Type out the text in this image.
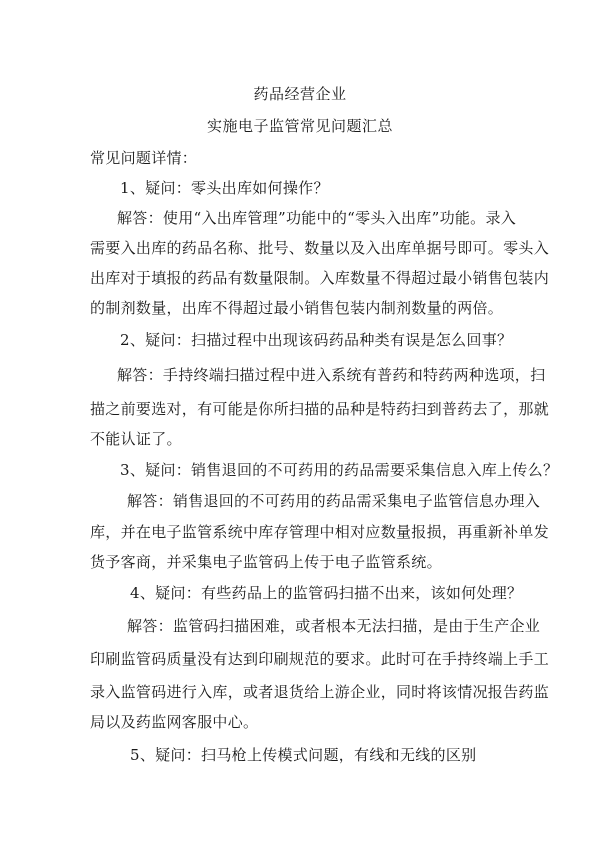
药品经营企业
实施电子监管常见问题汇总
常见问题详情：
1、疑问：零头出库如何操作？
解答：使用“入出库管理”功能中的“零头入出库”功能。录入
需要入出库的药品名称、批号、数量以及入出库单据号即可。零头入
出库对于填报的药品有数量限制。入库数量不得超过最小销售包装内
的制剂数量，出库不得超过最小销售包装内制剂数量的两倍。
2、疑问：扫描过程中出现该码药品种类有误是怎么回事？
解答：手持终端扫描过程中进入系统有普药和特药两种选项，扫
描之前要选对，有可能是你所扫描的品种是特药扫到普药去了，那就
不能认证了。
3、疑问：销售退回的不可药用的药品需要采集信息入库上传么？
解答：销售退回的不可药用的药品需采集电子监管信息办理入
库，并在电子监管系统中库存管理中相对应数量报损，再重新补单发
货予客商，并采集电子监管码上传于电子监管系统。
4、疑问：有些药品上的监管码扫描不出来，该如何处理？
解答：监管码扫描困难，或者根本无法扫描，是由于生产企业
印刷监管码质量没有达到印刷规范的要求。此时可在手持终端上手工
录入监管码进行入库，或者退货给上游企业，同时将该情况报告药监
局以及药监网客服中心。
5、疑问：扫马枪上传模式问题，有线和无线的区别
